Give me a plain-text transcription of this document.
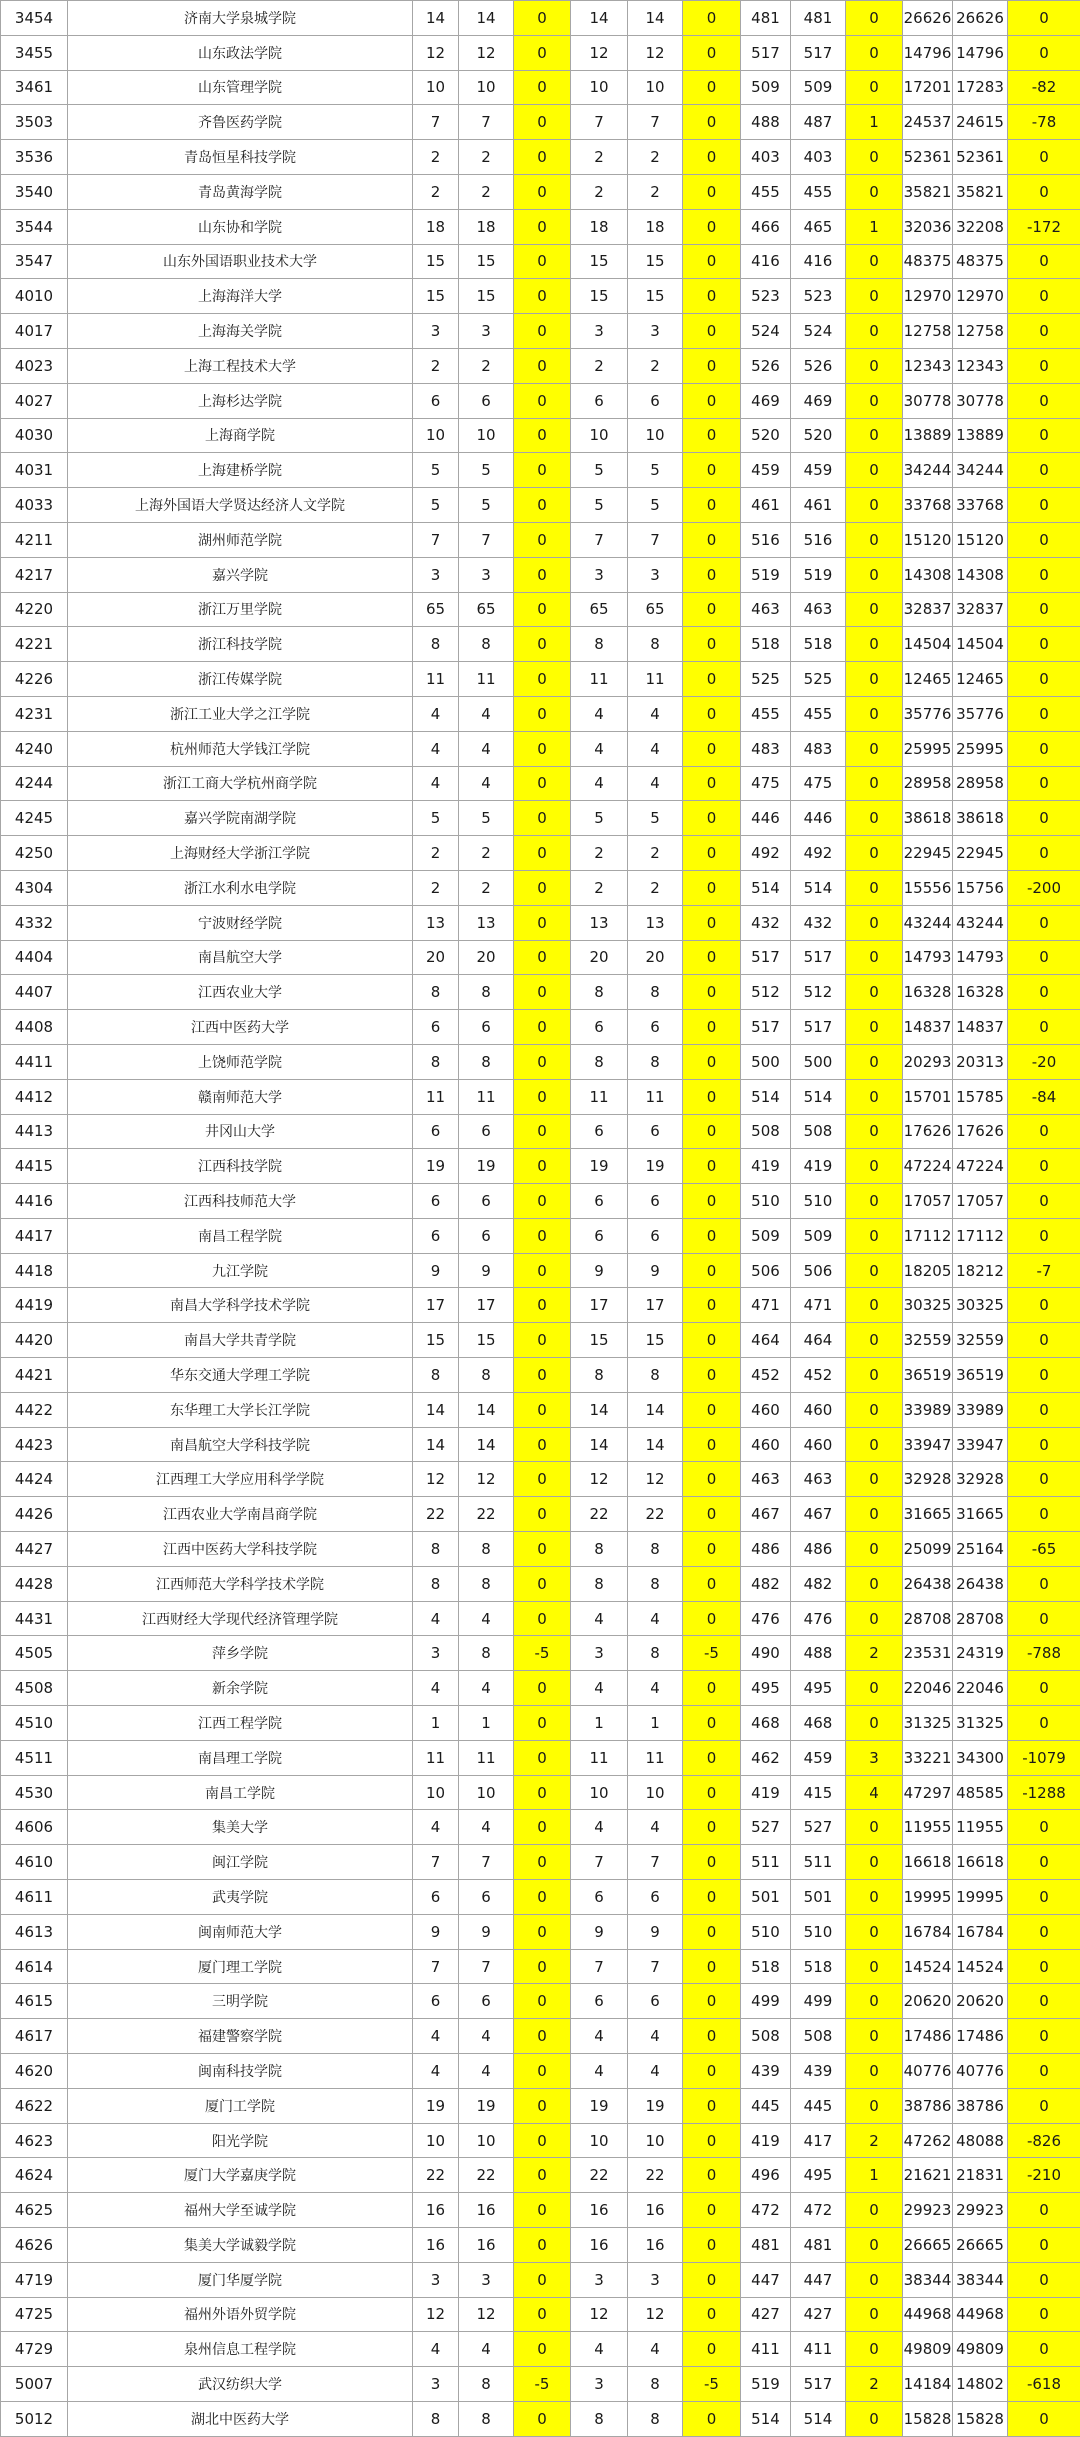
3454	济南大学泉城学院	14	14	0	14	14	0	481	481	0	26626	26626	0
3455	山东政法学院	12	12	0	12	12	0	517	517	0	14796	14796	0
3461	山东管理学院	10	10	0	10	10	0	509	509	0	17201	17283	-82
3503	齐鲁医药学院	7	7	0	7	7	0	488	487	1	24537	24615	-78
3536	青岛恒星科技学院	2	2	0	2	2	0	403	403	0	52361	52361	0
3540	青岛黄海学院	2	2	0	2	2	0	455	455	0	35821	35821	0
3544	山东协和学院	18	18	0	18	18	0	466	465	1	32036	32208	-172
3547	山东外国语职业技术大学	15	15	0	15	15	0	416	416	0	48375	48375	0
4010	上海海洋大学	15	15	0	15	15	0	523	523	0	12970	12970	0
4017	上海海关学院	3	3	0	3	3	0	524	524	0	12758	12758	0
4023	上海工程技术大学	2	2	0	2	2	0	526	526	0	12343	12343	0
4027	上海杉达学院	6	6	0	6	6	0	469	469	0	30778	30778	0
4030	上海商学院	10	10	0	10	10	0	520	520	0	13889	13889	0
4031	上海建桥学院	5	5	0	5	5	0	459	459	0	34244	34244	0
4033	上海外国语大学贤达经济人文学院	5	5	0	5	5	0	461	461	0	33768	33768	0
4211	湖州师范学院	7	7	0	7	7	0	516	516	0	15120	15120	0
4217	嘉兴学院	3	3	0	3	3	0	519	519	0	14308	14308	0
4220	浙江万里学院	65	65	0	65	65	0	463	463	0	32837	32837	0
4221	浙江科技学院	8	8	0	8	8	0	518	518	0	14504	14504	0
4226	浙江传媒学院	11	11	0	11	11	0	525	525	0	12465	12465	0
4231	浙江工业大学之江学院	4	4	0	4	4	0	455	455	0	35776	35776	0
4240	杭州师范大学钱江学院	4	4	0	4	4	0	483	483	0	25995	25995	0
4244	浙江工商大学杭州商学院	4	4	0	4	4	0	475	475	0	28958	28958	0
4245	嘉兴学院南湖学院	5	5	0	5	5	0	446	446	0	38618	38618	0
4250	上海财经大学浙江学院	2	2	0	2	2	0	492	492	0	22945	22945	0
4304	浙江水利水电学院	2	2	0	2	2	0	514	514	0	15556	15756	-200
4332	宁波财经学院	13	13	0	13	13	0	432	432	0	43244	43244	0
4404	南昌航空大学	20	20	0	20	20	0	517	517	0	14793	14793	0
4407	江西农业大学	8	8	0	8	8	0	512	512	0	16328	16328	0
4408	江西中医药大学	6	6	0	6	6	0	517	517	0	14837	14837	0
4411	上饶师范学院	8	8	0	8	8	0	500	500	0	20293	20313	-20
4412	赣南师范大学	11	11	0	11	11	0	514	514	0	15701	15785	-84
4413	井冈山大学	6	6	0	6	6	0	508	508	0	17626	17626	0
4415	江西科技学院	19	19	0	19	19	0	419	419	0	47224	47224	0
4416	江西科技师范大学	6	6	0	6	6	0	510	510	0	17057	17057	0
4417	南昌工程学院	6	6	0	6	6	0	509	509	0	17112	17112	0
4418	九江学院	9	9	0	9	9	0	506	506	0	18205	18212	-7
4419	南昌大学科学技术学院	17	17	0	17	17	0	471	471	0	30325	30325	0
4420	南昌大学共青学院	15	15	0	15	15	0	464	464	0	32559	32559	0
4421	华东交通大学理工学院	8	8	0	8	8	0	452	452	0	36519	36519	0
4422	东华理工大学长江学院	14	14	0	14	14	0	460	460	0	33989	33989	0
4423	南昌航空大学科技学院	14	14	0	14	14	0	460	460	0	33947	33947	0
4424	江西理工大学应用科学学院	12	12	0	12	12	0	463	463	0	32928	32928	0
4426	江西农业大学南昌商学院	22	22	0	22	22	0	467	467	0	31665	31665	0
4427	江西中医药大学科技学院	8	8	0	8	8	0	486	486	0	25099	25164	-65
4428	江西师范大学科学技术学院	8	8	0	8	8	0	482	482	0	26438	26438	0
4431	江西财经大学现代经济管理学院	4	4	0	4	4	0	476	476	0	28708	28708	0
4505	萍乡学院	3	8	-5	3	8	-5	490	488	2	23531	24319	-788
4508	新余学院	4	4	0	4	4	0	495	495	0	22046	22046	0
4510	江西工程学院	1	1	0	1	1	0	468	468	0	31325	31325	0
4511	南昌理工学院	11	11	0	11	11	0	462	459	3	33221	34300	-1079
4530	南昌工学院	10	10	0	10	10	0	419	415	4	47297	48585	-1288
4606	集美大学	4	4	0	4	4	0	527	527	0	11955	11955	0
4610	闽江学院	7	7	0	7	7	0	511	511	0	16618	16618	0
4611	武夷学院	6	6	0	6	6	0	501	501	0	19995	19995	0
4613	闽南师范大学	9	9	0	9	9	0	510	510	0	16784	16784	0
4614	厦门理工学院	7	7	0	7	7	0	518	518	0	14524	14524	0
4615	三明学院	6	6	0	6	6	0	499	499	0	20620	20620	0
4617	福建警察学院	4	4	0	4	4	0	508	508	0	17486	17486	0
4620	闽南科技学院	4	4	0	4	4	0	439	439	0	40776	40776	0
4622	厦门工学院	19	19	0	19	19	0	445	445	0	38786	38786	0
4623	阳光学院	10	10	0	10	10	0	419	417	2	47262	48088	-826
4624	厦门大学嘉庚学院	22	22	0	22	22	0	496	495	1	21621	21831	-210
4625	福州大学至诚学院	16	16	0	16	16	0	472	472	0	29923	29923	0
4626	集美大学诚毅学院	16	16	0	16	16	0	481	481	0	26665	26665	0
4719	厦门华厦学院	3	3	0	3	3	0	447	447	0	38344	38344	0
4725	福州外语外贸学院	12	12	0	12	12	0	427	427	0	44968	44968	0
4729	泉州信息工程学院	4	4	0	4	4	0	411	411	0	49809	49809	0
5007	武汉纺织大学	3	8	-5	3	8	-5	519	517	2	14184	14802	-618
5012	湖北中医药大学	8	8	0	8	8	0	514	514	0	15828	15828	0
